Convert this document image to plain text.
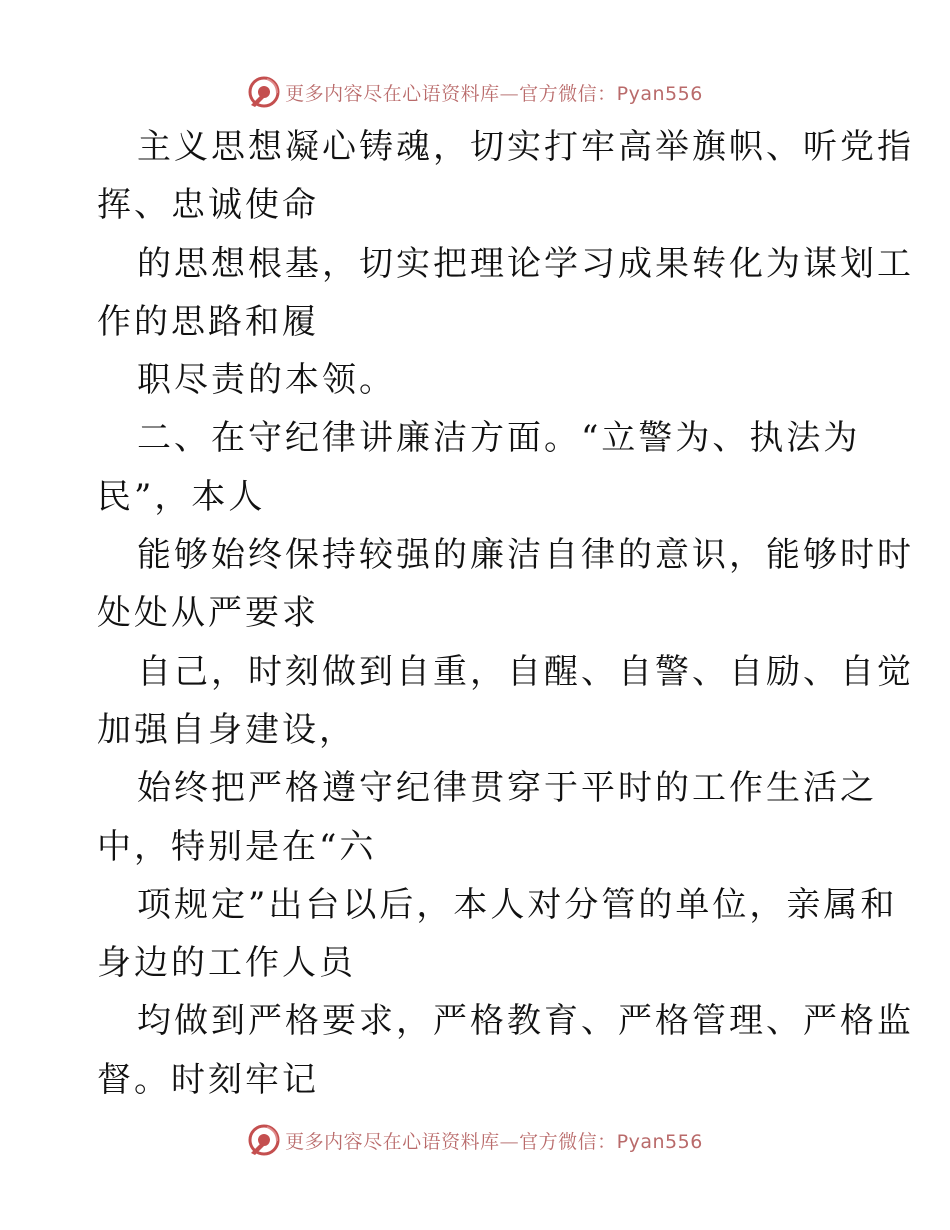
更多内容尽在心语资料库—官方微信：Pyan556
主义思想凝心铸魂，切实打牢高举旗帜、听党指
挥、忠诚使命
的思想根基，切实把理论学习成果转化为谋划工
作的思路和履
职尽责的本领。
二、在守纪律讲廉洁方面。“立警为、执法为
民”，本人
能够始终保持较强的廉洁自律的意识，能够时时
处处从严要求
自己，时刻做到自重，自醒、自警、自励、自觉
加强自身建设，
始终把严格遵守纪律贯穿于平时的工作生活之
中，特别是在“六
项规定”出台以后，本人对分管的单位，亲属和
身边的工作人员
均做到严格要求，严格教育、严格管理、严格监
督。时刻牢记
更多内容尽在心语资料库—官方微信：Pyan556
